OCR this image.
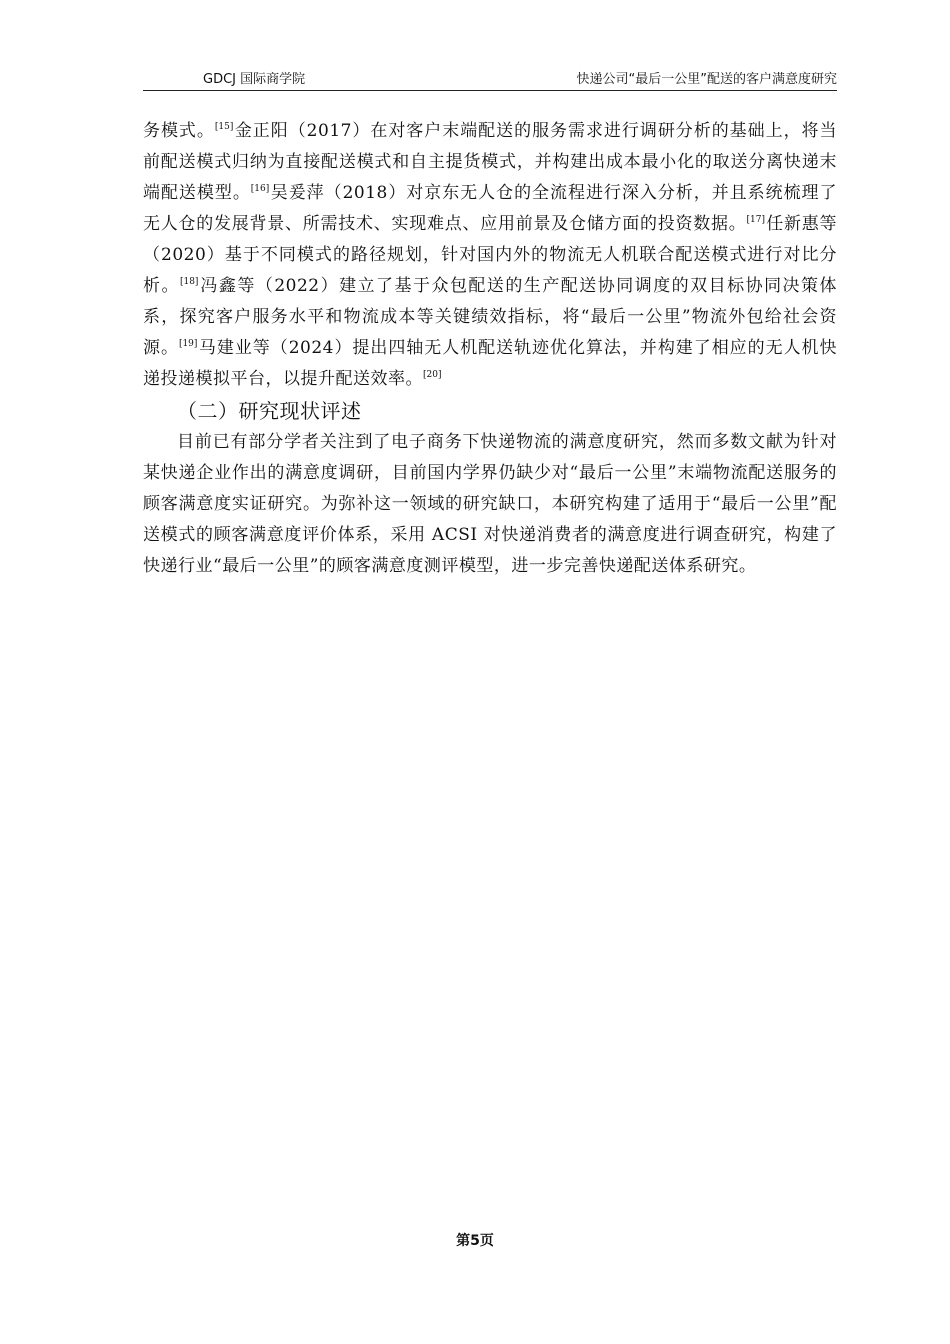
GDCJ 国际商学院	快递公司“最后一公里”配送的客户满意度研究

务模式。[15]金正阳（2017）在对客户末端配送的服务需求进行调研分析的基础上，将当前配送模式归纳为直接配送模式和自主提货模式，并构建出成本最小化的取送分离快递末端配送模型。[16]吴爰萍（2018）对京东无人仓的全流程进行深入分析，并且系统梳理了无人仓的发展背景、所需技术、实现难点、应用前景及仓储方面的投资数据。[17]任新惠等（2020）基于不同模式的路径规划，针对国内外的物流无人机联合配送模式进行对比分析。[18]冯鑫等（2022）建立了基于众包配送的生产配送协同调度的双目标协同决策体系，探究客户服务水平和物流成本等关键绩效指标，将“最后一公里”物流外包给社会资源。[19]马建业等（2024）提出四轴无人机配送轨迹优化算法，并构建了相应的无人机快递投递模拟平台，以提升配送效率。[20]

（二）研究现状评述

目前已有部分学者关注到了电子商务下快递物流的满意度研究，然而多数文献为针对某快递企业作出的满意度调研，目前国内学界仍缺少对“最后一公里”末端物流配送服务的顾客满意度实证研究。为弥补这一领域的研究缺口，本研究构建了适用于“最后一公里”配送模式的顾客满意度评价体系，采用 ACSI 对快递消费者的满意度进行调查研究，构建了快递行业“最后一公里”的顾客满意度测评模型，进一步完善快递配送体系研究。

第5页
